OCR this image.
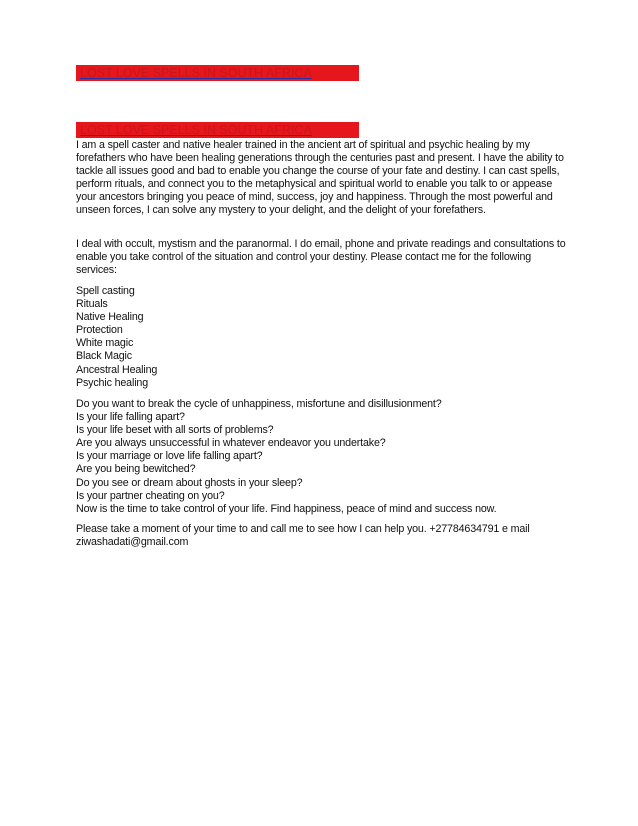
LOST LOVE SPELLS IN SOUTH AFRICA
LOST LOVE SPELLS IN SOUTH AFRICA

I am a spell caster and native healer trained in the ancient art of spiritual and psychic healing by my forefathers who have been healing generations through the centuries past and present. I have the ability to tackle all issues good and bad to enable you change the course of your fate and destiny. I can cast spells, perform rituals, and connect you to the metaphysical and spiritual world to enable you talk to or appease your ancestors bringing you peace of mind, success, joy and happiness. Through the most powerful and unseen forces, I can solve any mystery to your delight, and the delight of your forefathers.

I deal with occult, mystism and the paranormal. I do email, phone and private readings and consultations to enable you take control of the situation and control your destiny. Please contact me for the following services:

Spell casting
Rituals
Native Healing
Protection
White magic
Black Magic
Ancestral Healing
Psychic healing
Do you want to break the cycle of unhappiness, misfortune and disillusionment?
Is your life falling apart?
Is your life beset with all sorts of problems?
Are you always unsuccessful in whatever endeavor you undertake?
Is your marriage or love life falling apart?
Are you being bewitched?
Do you see or dream about ghosts in your sleep?
Is your partner cheating on you?
Now is the time to take control of your life. Find happiness, peace of mind and success now.

Please take a moment of your time to and call me to see how I can help you. +27784634791 e mail ziwashadati@gmail.com
